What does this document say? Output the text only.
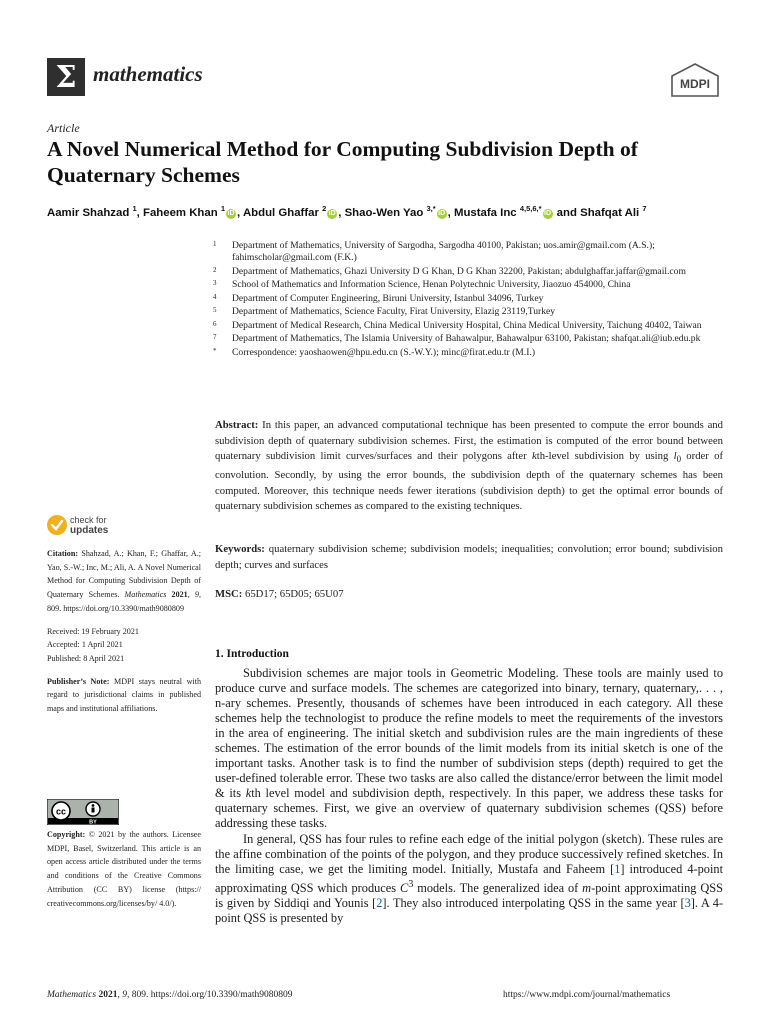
Σ mathematics	MDPI
Article
A Novel Numerical Method for Computing Subdivision Depth of Quaternary Schemes
Aamir Shahzad $^1$, Faheem Khan $^1$iD , Abdul Ghaffar $^2$iD , Shao-Wen Yao $^{3,*}$iD , Mustafa Inc $^{4,5,6,*}$iD and Shafqat Ali $^7$
1 Department of Mathematics, University of Sargodha, Sargodha 40100, Pakistan; uos.amir@gmail.com (A.S.); fahimscholar@gmail.com (F.K.)
2 Department of Mathematics, Ghazi University D G Khan, D G Khan 32200, Pakistan; abdulghaffar.jaffar@gmail.com
3 School of Mathematics and Information Science, Henan Polytechnic University, Jiaozuo 454000, China
4 Department of Computer Engineering, Biruni University, Istanbul 34096, Turkey
5 Department of Mathematics, Science Faculty, Firat University, Elazig 23119,Turkey
6 Department of Medical Research, China Medical University Hospital, China Medical University, Taichung 40402, Taiwan
7 Department of Mathematics, The Islamia University of Bahawalpur, Bahawalpur 63100, Pakistan; shafqat.ali@iub.edu.pk
* Correspondence: yaoshaowen@hpu.edu.cn (S.-W.Y.); minc@firat.edu.tr (M.I.)
Abstract: In this paper, an advanced computational technique has been presented to compute the error bounds and subdivision depth of quaternary subdivision schemes. First, the estimation is computed of the error bound between quaternary subdivision limit curves/surfaces and their polygons after kth-level subdivision by using $l_0$ order of convolution. Secondly, by using the error bounds, the subdivision depth of the quaternary schemes has been computed. Moreover, this technique needs fewer iterations (subdivision depth) to get the optimal error bounds of quaternary subdivision schemes as compared to the existing techniques.
Keywords: quaternary subdivision scheme; subdivision models; inequalities; convolution; error bound; subdivision depth; curves and surfaces
MSC: 65D17; 65D05; 65U07
check for
updates

Citation: Shahzad, A.; Khan, F.; Ghaffar, A.; Yao, S.-W.; Inc, M.; Ali, A. A Novel Numerical Method for Computing Subdivision Depth of Quaternary Schemes. Mathematics 2021, 9, 809. https://doi.org/10.3390/math9080809

Received: 19 February 2021
Accepted: 1 April 2021
Published: 8 April 2021

Publisher’s Note: MDPI stays neutral with regard to jurisdictional claims in published maps and institutional affiliations.

cc
BY
Copyright: © 2021 by the authors. Licensee MDPI, Basel, Switzerland. This article is an open access article distributed under the terms and conditions of the Creative Commons Attribution (CC BY) license (https:// creativecommons.org/licenses/by/ 4.0/).
1. Introduction

Subdivision schemes are major tools in Geometric Modeling. These tools are mainly used to produce curve and surface models. The schemes are categorized into binary, ternary, quaternary,. . . , n-ary schemes. Presently, thousands of schemes have been introduced in each category. All these schemes help the technologist to produce the refine models to meet the requirements of the investors in the area of engineering. The initial sketch and subdivision rules are the main ingredients of these schemes. The estimation of the error bounds of the limit models from its initial sketch is one of the important tasks. Another task is to find the number of subdivision steps (depth) required to get the user-defined tolerable error. These two tasks are also called the distance/error between the limit model & its kth level model and subdivision depth, respectively. In this paper, we address these tasks for quaternary schemes. First, we give an overview of quaternary subdivision schemes (QSS) before addressing these tasks.

In general, QSS has four rules to refine each edge of the initial polygon (sketch). These rules are the affine combination of the points of the polygon, and they produce successively refined sketches. In the limiting case, we get the limiting model. Initially, Mustafa and Faheem [1] introduced 4-point approximating QSS which produces $C^3$ models. The generalized idea of m-point approximating QSS is given by Siddiqi and Younis [2]. They also introduced interpolating QSS in the same year [3]. A 4-point QSS is presented by

Mathematics 2021, 9, 809. https://doi.org/10.3390/math9080809	https://www.mdpi.com/journal/mathematics
